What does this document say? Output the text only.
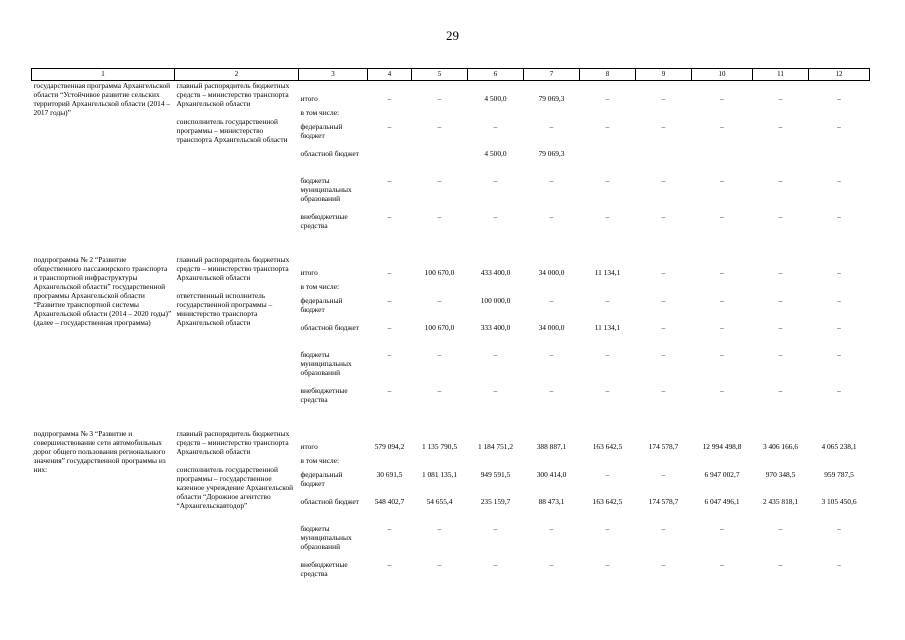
29
1	2	3	4	5	6	7	8	9	10	11	12
государственная программа Архангельской области “Устойчивое развитие сельских территорий Архангельской области (2014 – 2017 годы)”	главный распорядитель бюджетных средств – министерство транспорта Архангельской области
соисполнитель государственной программы – министерство транспорта Архангельской области	итого	–	–	4 500,0	79 069,3	–	–	–	–	–
		в том числе:									
		федеральный бюджет	–	–	–	–	–	–	–	–	–
		областной бюджет			4 500,0	79 069,3					
		бюджеты муниципальных образований	–	–	–	–	–	–	–	–	–
		внебюджетные средства	–	–	–	–	–	–	–	–	–

подпрограмма № 2 “Развитие общественного пассажирского транспорта и транспортной инфраструктуры Архангельской области” государственной программы Архангельской области “Развитие транспортной системы Архангельской области (2014 – 2020 годы)” (далее – государственная программа)	главный распорядитель бюджетных средств – министерство транспорта Архангельской области
ответственный исполнитель государственной программы – министерство транспорта Архангельской области	итого	–	100 670,0	433 400,0	34 000,0	11 134,1	–	–	–	–
		в том числе:									
		федеральный бюджет	–	–	100 000,0	–	–	–	–	–	–
		областной бюджет	–	100 670,0	333 400,0	34 000,0	11 134,1	–	–	–	–
		бюджеты муниципальных образований	–	–	–	–	–	–	–	–	–
		внебюджетные средства	–	–	–	–	–	–	–	–	–

подпрограмма № 3 “Развитие и совершенствование сети автомобильных дорог общего пользования регионального значения” государственной программы из них:	главный распорядитель бюджетных средств – министерство транспорта Архангельской области
соисполнитель государственной программы – государственное казенное учреждение Архангельской области “Дорожное агентство “Архангельскавтодор”	итого	579 094,2	1 135 790,5	1 184 751,2	388 887,1	163 642,5	174 578,7	12 994 498,8	3 406 166,6	4 065 238,1
		в том числе:									
		федеральный бюджет	30 691,5	1 081 135,1	949 591,5	300 414,0	–	–	6 947 002,7	970 348,5	959 787,5
		областной бюджет	548 402,7	54 655,4	235 159,7	88 473,1	163 642,5	174 578,7	6 047 496,1	2 435 818,1	3 105 450,6
		бюджеты муниципальных образований	–	–	–	–	–	–	–	–	–
		внебюджетные средства	–	–	–	–	–	–	–	–	–
